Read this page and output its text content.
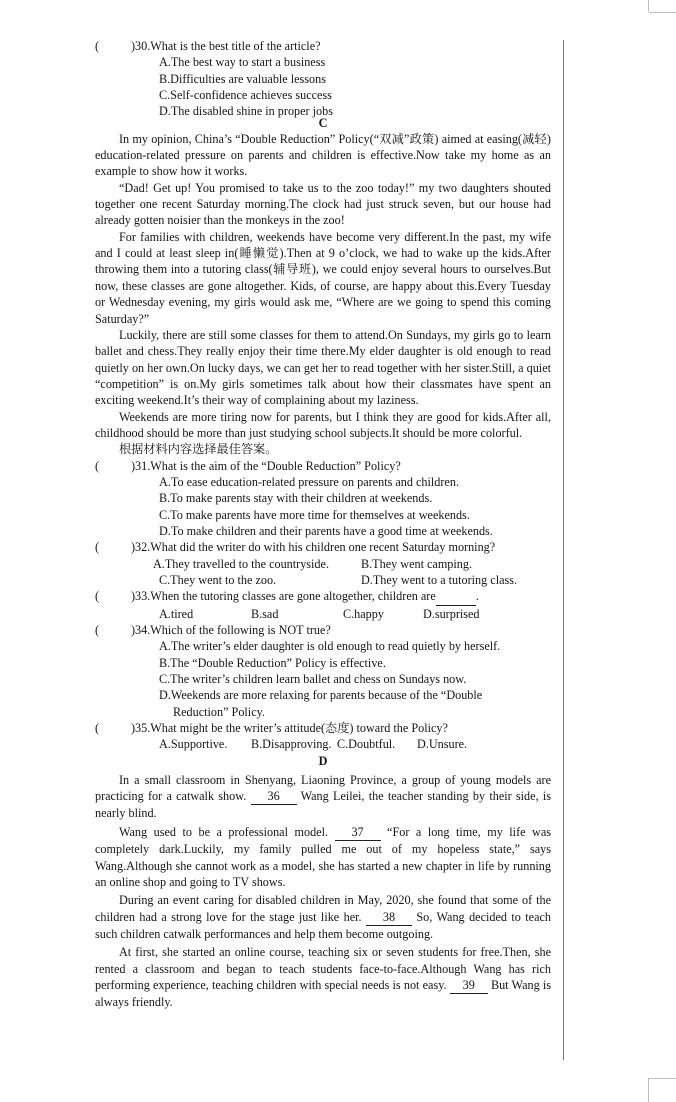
(	)30.What is the best title of the article?
A.The best way to start a business
B.Difficulties are valuable lessons
C.Self-confidence achieves success
D.The disabled shine in proper jobs
C

In my opinion, China’s “Double Reduction” Policy(“双减”政策) aimed at easing(减轻) education-related pressure on parents and children is effective.Now take my home as an example to show how it works.

“Dad! Get up! You promised to take us to the zoo today!” my two daughters shouted together one recent Saturday morning.The clock had just struck seven, but our house had already gotten noisier than the monkeys in the zoo!

For families with children, weekends have become very different.In the past, my wife and I could at least sleep in(睡懒觉).Then at 9 o’clock, we had to wake up the kids.After throwing them into a tutoring class(辅导班), we could enjoy several hours to ourselves.But now, these classes are gone altogether. Kids, of course, are happy about this.Every Tuesday or Wednesday evening, my girls would ask me, “Where are we going to spend this coming Saturday?”

Luckily, there are still some classes for them to attend.On Sundays, my girls go to learn ballet and chess.They really enjoy their time there.My elder daughter is old enough to read quietly on her own.On lucky days, we can get her to read together with her sister.Still, a quiet “competition” is on.My girls sometimes talk about how their classmates have spent an exciting weekend.It’s their way of complaining about my laziness.

Weekends are more tiring now for parents, but I think they are good for kids.After all, childhood should be more than just studying school subjects.It should be more colorful.

根据材料内容选择最佳答案。

(	)31.What is the aim of the “Double Reduction” Policy?
A.To ease education-related pressure on parents and children.
B.To make parents stay with their children at weekends.
C.To make parents have more time for themselves at weekends.
D.To make children and their parents have a good time at weekends.
(	)32.What did the writer do with his children one recent Saturday morning?
A.They travelled to the countryside.	B.They went camping.
C.They went to the zoo.	D.They went to a tutoring class.
(	)33.When the tutoring classes are gone altogether, children are	.
A.tired	B.sad	C.happy	D.surprised
(	)34.Which of the following is NOT true?
A.The writer’s elder daughter is old enough to read quietly by herself.
B.The “Double Reduction” Policy is effective.
C.The writer’s children learn ballet and chess on Sundays now.
D.Weekends are more relaxing for parents because of the “Double
Reduction” Policy.
(	)35.What might be the writer’s attitude(态度) toward the Policy?
A.Supportive.	B.Disapproving. C.Doubtful.	D.Unsure.
D

In a small classroom in Shenyang, Liaoning Province, a group of young models are practicing for a catwalk show. 36 Wang Leilei, the teacher standing by their side, is nearly blind.

Wang used to be a professional model. 37 “For a long time, my life was completely dark.Luckily, my family pulled me out of my hopeless state,” says Wang.Although she cannot work as a model, she has started a new chapter in life by running an online shop and going to TV shows.

During an event caring for disabled children in May, 2020, she found that some of the children had a strong love for the stage just like her. 38 So, Wang decided to teach such children catwalk performances and help them become outgoing.

At first, she started an online course, teaching six or seven students for free.Then, she rented a classroom and began to teach students face-to-face.Although Wang has rich performing experience, teaching children with special needs is not easy. 39 But Wang is always friendly.
